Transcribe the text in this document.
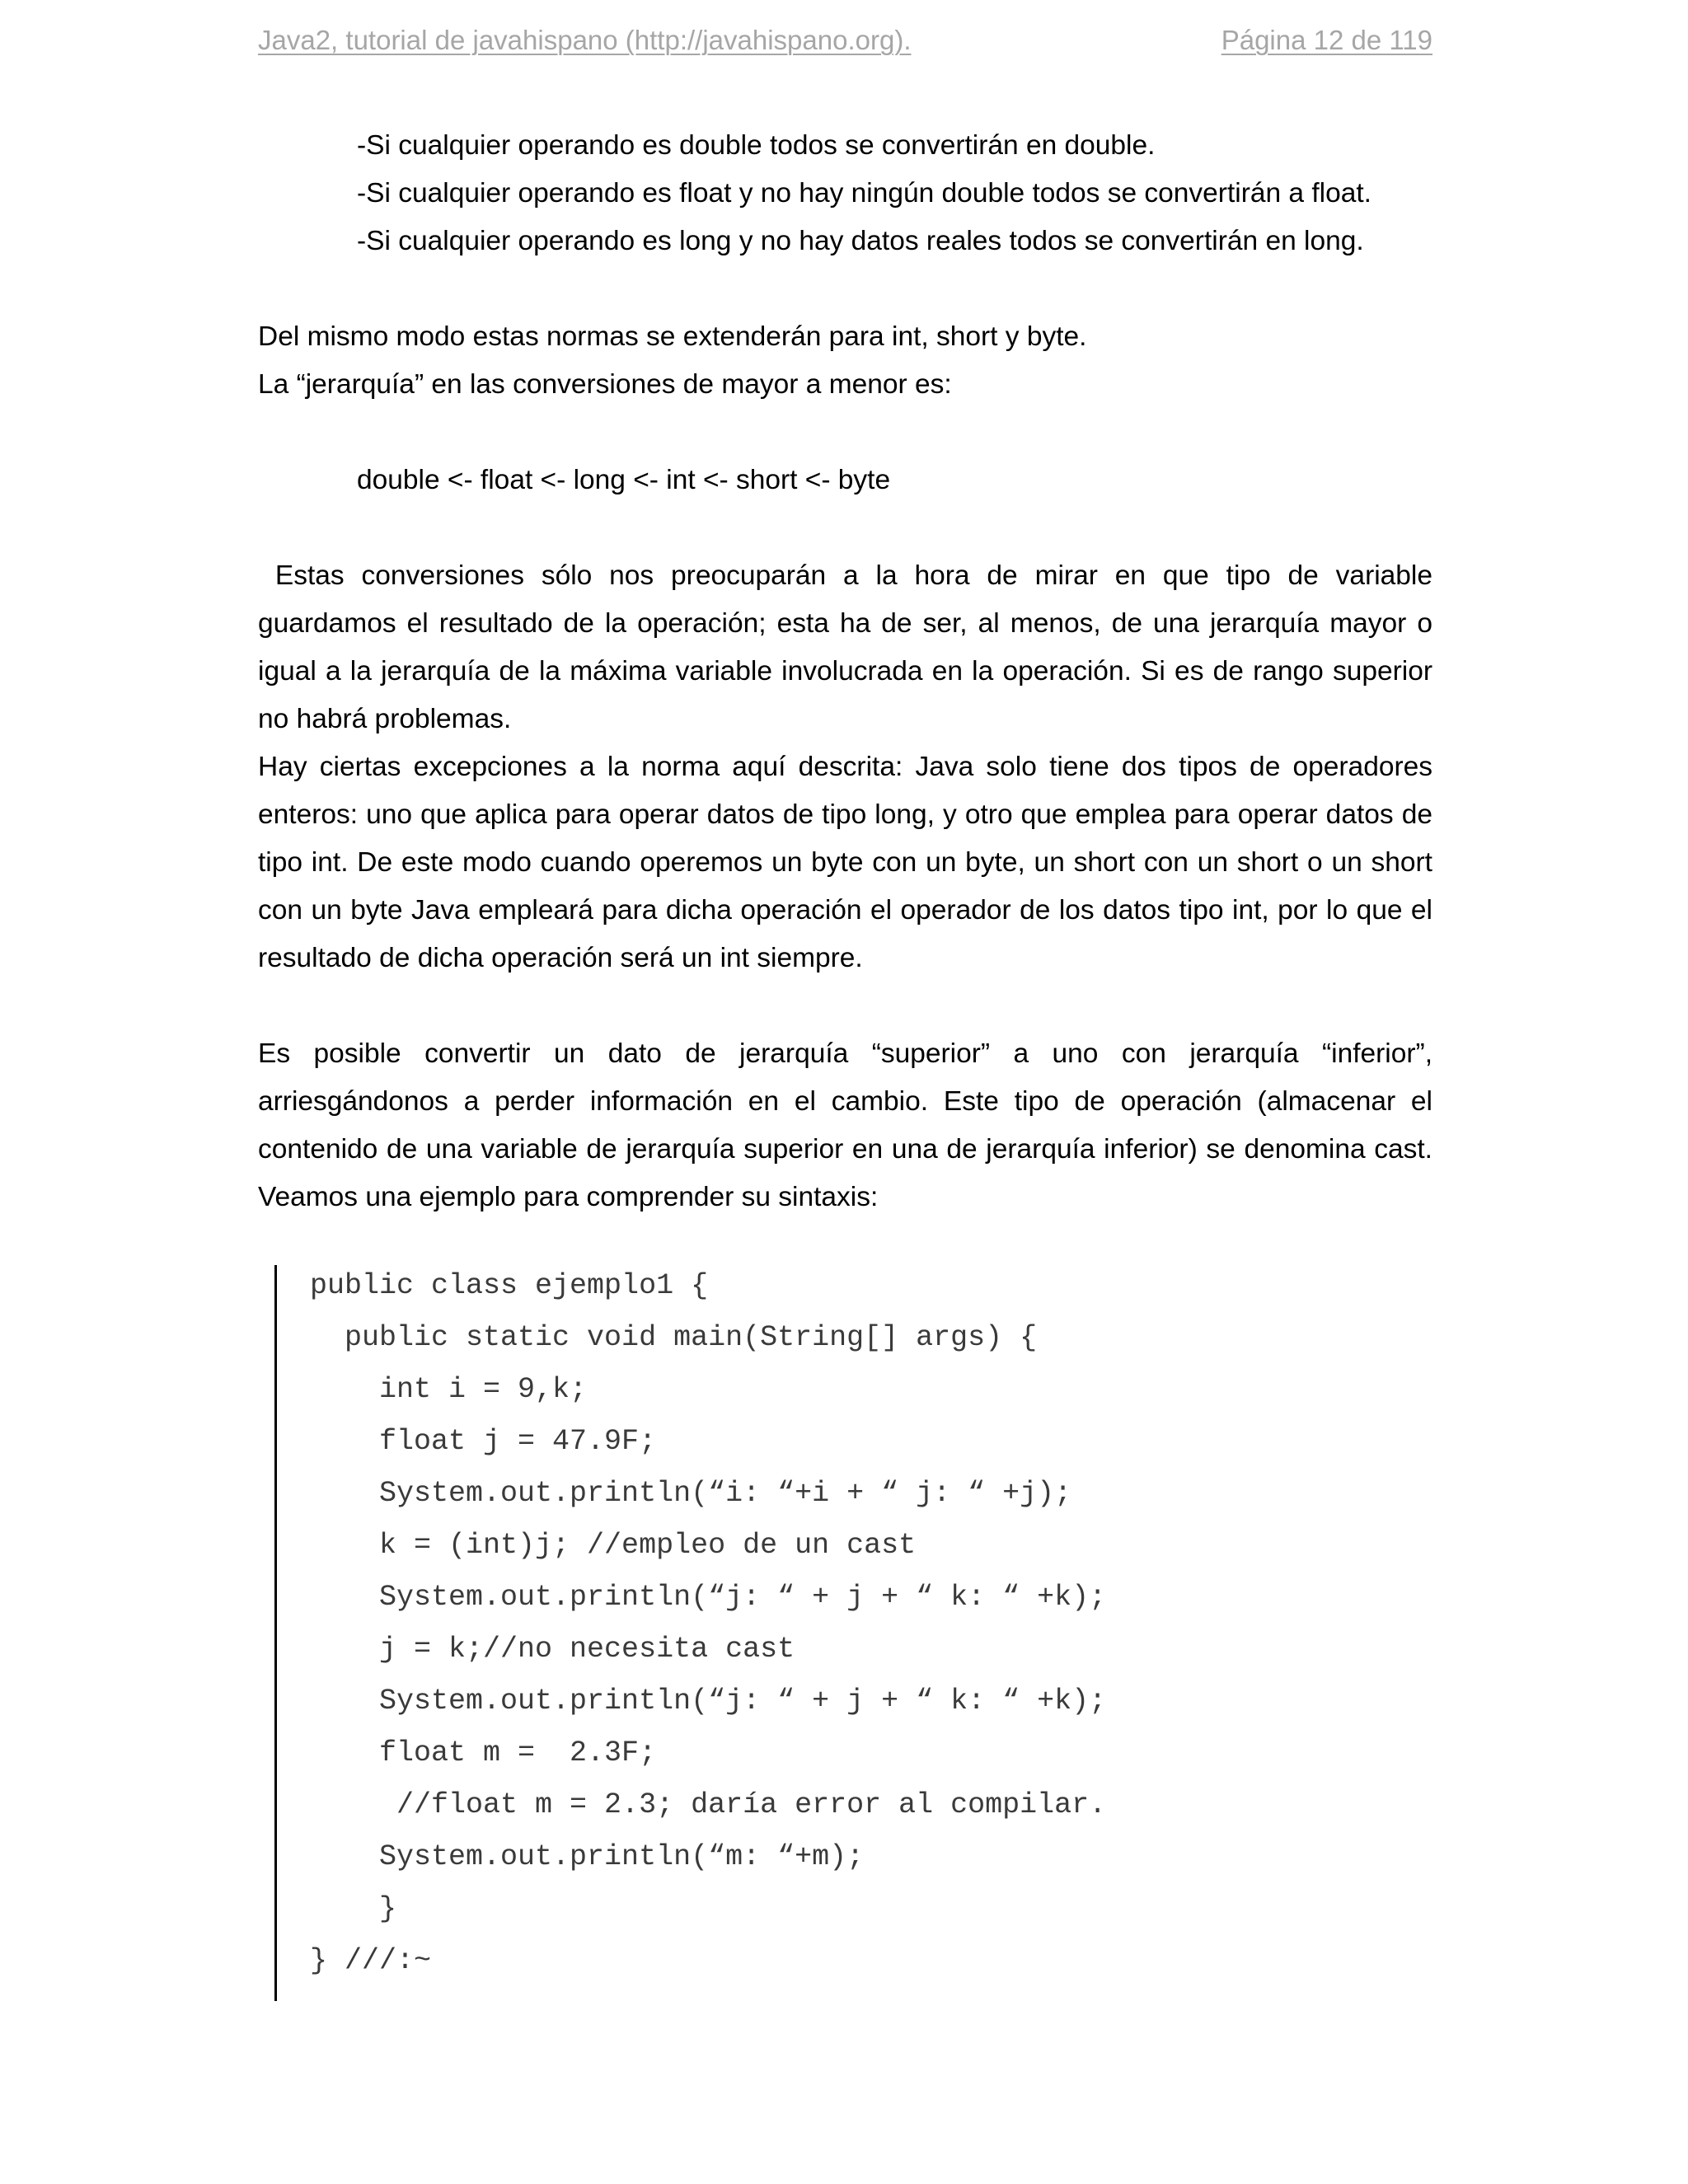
Java2, tutorial de javahispano (http://javahispano.org).	Página 12 de 119

-Si cualquier operando es double todos se convertirán en double.

-Si cualquier operando es float y no hay ningún double todos se convertirán a float.

-Si cualquier operando es long y no hay datos reales todos se convertirán en long.

Del mismo modo estas normas se extenderán para int, short y byte.

La “jerarquía” en las conversiones de mayor a menor es:

double <- float <- long <- int <- short <- byte

Estas conversiones sólo nos preocuparán a la hora de mirar en que tipo de variable guardamos el resultado de la operación; esta ha de ser, al menos, de una jerarquía mayor o igual a la jerarquía de la máxima variable involucrada en la operación. Si es de rango superior no habrá problemas.

Hay ciertas excepciones a la norma aquí descrita: Java solo tiene dos tipos de operadores enteros: uno que aplica para operar datos de tipo long, y otro que emplea para operar datos de tipo int. De este modo cuando operemos un byte con un byte, un short con un short o un short con un byte Java empleará para dicha operación el operador de los datos tipo int, por lo que el resultado de dicha operación será un int siempre.

Es posible convertir un dato de jerarquía “superior” a uno con jerarquía “inferior”, arriesgándonos a perder información en el cambio. Este tipo de operación (almacenar el contenido de una variable de jerarquía superior en una de jerarquía inferior) se denomina cast. Veamos una ejemplo para comprender su sintaxis:

public class ejemplo1 {
public static void main(String[] args) {
int i = 9,k;
float j = 47.9F;
System.out.println(“i: “+i + “ j: “ +j);
k = (int)j; //empleo de un cast
System.out.println(“j: “ + j + “ k: “ +k);
j = k;//no necesita cast
System.out.println(“j: “ + j + “ k: “ +k);
float m =  2.3F;
//float m = 2.3; daría error al compilar.
System.out.println(“m: “+m);
}
} ///:~
